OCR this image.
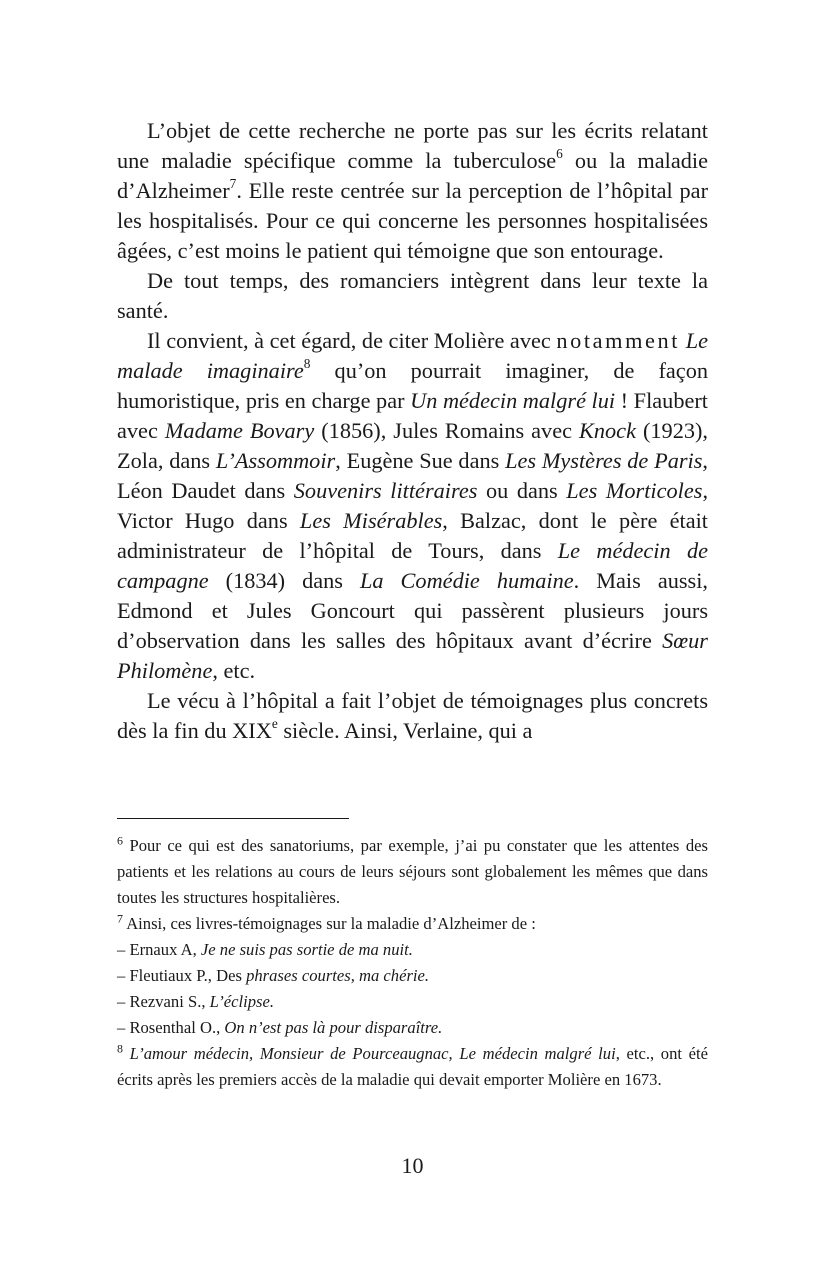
L’objet de cette recherche ne porte pas sur les écrits relatant une maladie spécifique comme la tuberculose$^6$ ou la maladie d’Alzheimer$^7$. Elle reste centrée sur la perception de l’hôpital par les hospitalisés. Pour ce qui concerne les personnes hospitalisées âgées, c’est moins le patient qui témoigne que son entourage.

De tout temps, des romanciers intègrent dans leur texte la santé.

Il convient, à cet égard, de citer Molière avec notamment Le malade imaginaire$^8$ qu’on pourrait imaginer, de façon humoristique, pris en charge par Un médecin malgré lui ! Flaubert avec Madame Bovary (1856), Jules Romains avec Knock (1923), Zola, dans L’Assommoir, Eugène Sue dans Les Mystères de Paris, Léon Daudet dans Souvenirs littéraires ou dans Les Morticoles, Victor Hugo dans Les Misérables, Balzac, dont le père était administrateur de l’hôpital de Tours, dans Le médecin de campagne (1834) dans La Comédie humaine. Mais aussi, Edmond et Jules Goncourt qui passèrent plusieurs jours d’observation dans les salles des hôpitaux avant d’écrire Sœur Philomène, etc.

Le vécu à l’hôpital a fait l’objet de témoignages plus concrets dès la fin du XIXe siècle. Ainsi, Verlaine, qui a

$^6$ Pour ce qui est des sanatoriums, par exemple, j’ai pu constater que les attentes des patients et les relations au cours de leurs séjours sont globalement les mêmes que dans toutes les structures hospitalières.

$^7$ Ainsi, ces livres-témoignages sur la maladie d’Alzheimer de :

– Ernaux A, Je ne suis pas sortie de ma nuit.

– Fleutiaux P., Des phrases courtes, ma chérie.

– Rezvani S., L’éclipse.

– Rosenthal O., On n’est pas là pour disparaître.

$^8$ L’amour médecin, Monsieur de Pourceaugnac, Le médecin malgré lui, etc., ont été écrits après les premiers accès de la maladie qui devait emporter Molière en 1673.

10
